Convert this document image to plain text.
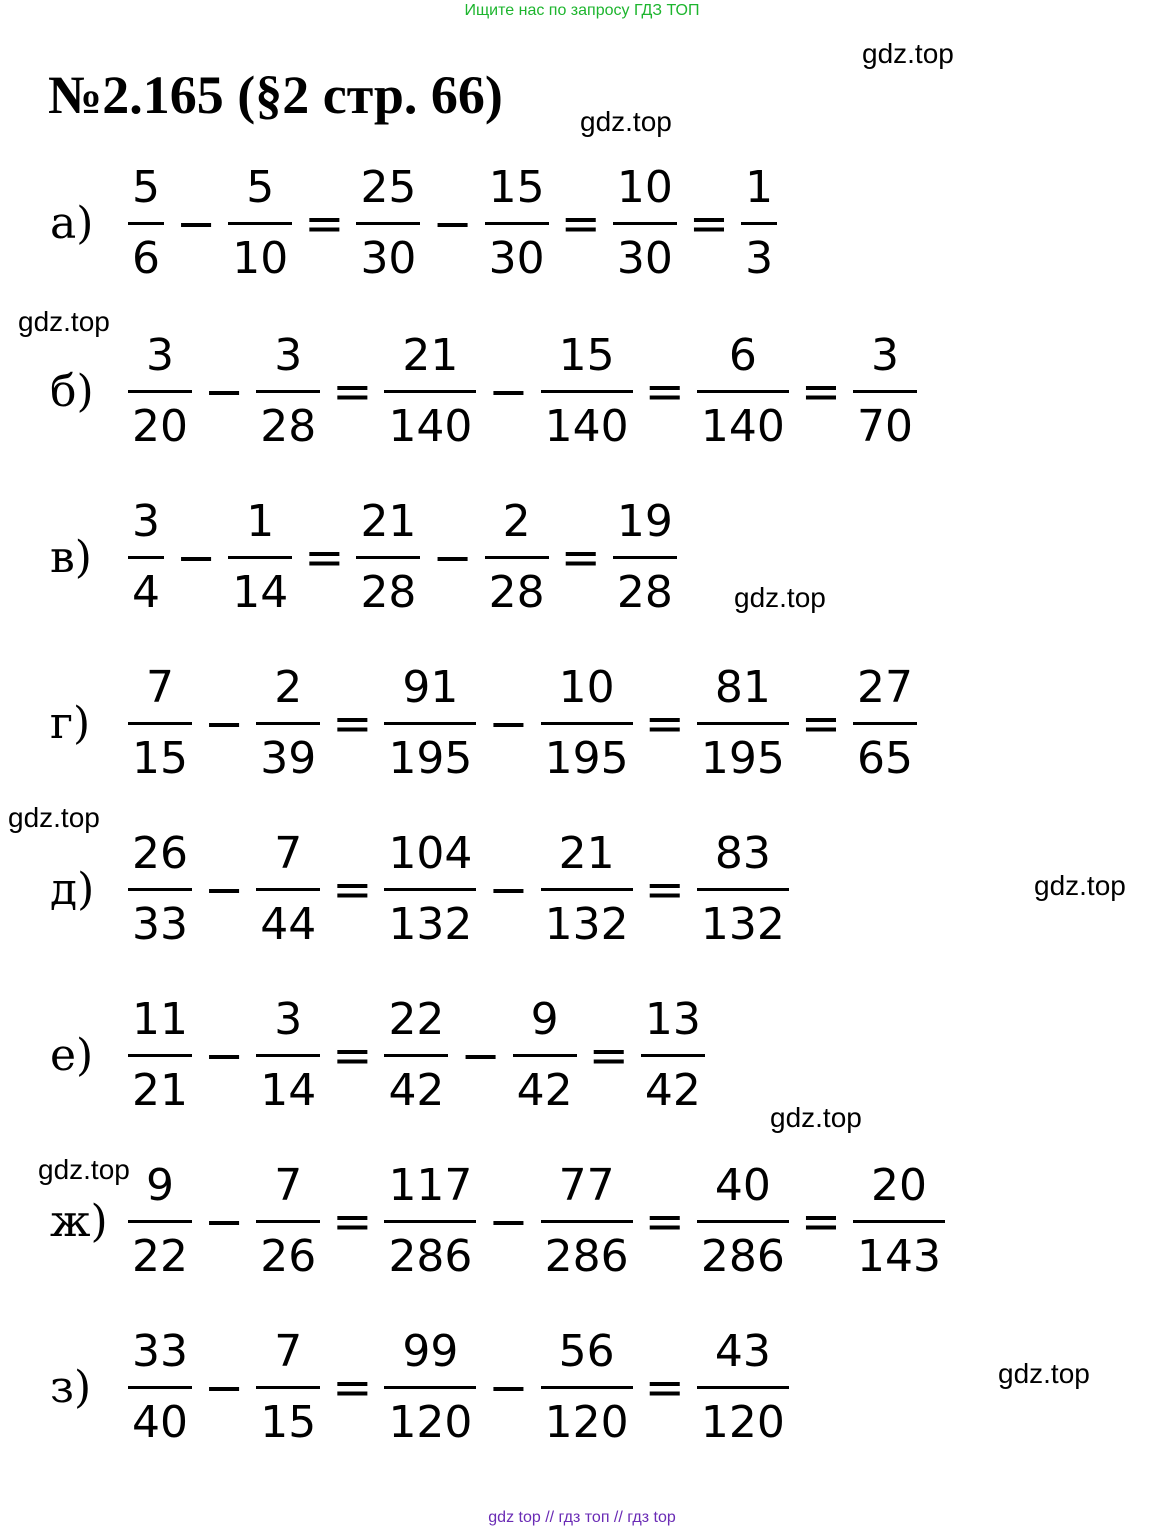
Ищите нас по запросу ГДЗ ТОП
№2.165 (§2 стр. 66)
gdz.top
gdz.top
gdz.top
gdz.top
gdz.top
gdz.top
gdz.top
gdz.top
gdz.top
$а) \frac{5}{6} - \frac{5}{10} = \frac{25}{30} - \frac{15}{30} = \frac{10}{30} = \frac{1}{3}$
$б) \frac{3}{20} - \frac{3}{28} = \frac{21}{140} - \frac{15}{140} = \frac{6}{140} = \frac{3}{70}$
$в) \frac{3}{4} - \frac{1}{14} = \frac{21}{28} - \frac{2}{28} = \frac{19}{28}$
$г) \frac{7}{15} - \frac{2}{39} = \frac{91}{195} - \frac{10}{195} = \frac{81}{195} = \frac{27}{65}$
$д) \frac{26}{33} - \frac{7}{44} = \frac{104}{132} - \frac{21}{132} = \frac{83}{132}$
$е) \frac{11}{21} - \frac{3}{14} = \frac{22}{42} - \frac{9}{42} = \frac{13}{42}$
$ж) \frac{9}{22} - \frac{7}{26} = \frac{117}{286} - \frac{77}{286} = \frac{40}{286} = \frac{20}{143}$
$з) \frac{33}{40} - \frac{7}{15} = \frac{99}{120} - \frac{56}{120} = \frac{43}{120}$
gdz top // гдз топ // гдз top
